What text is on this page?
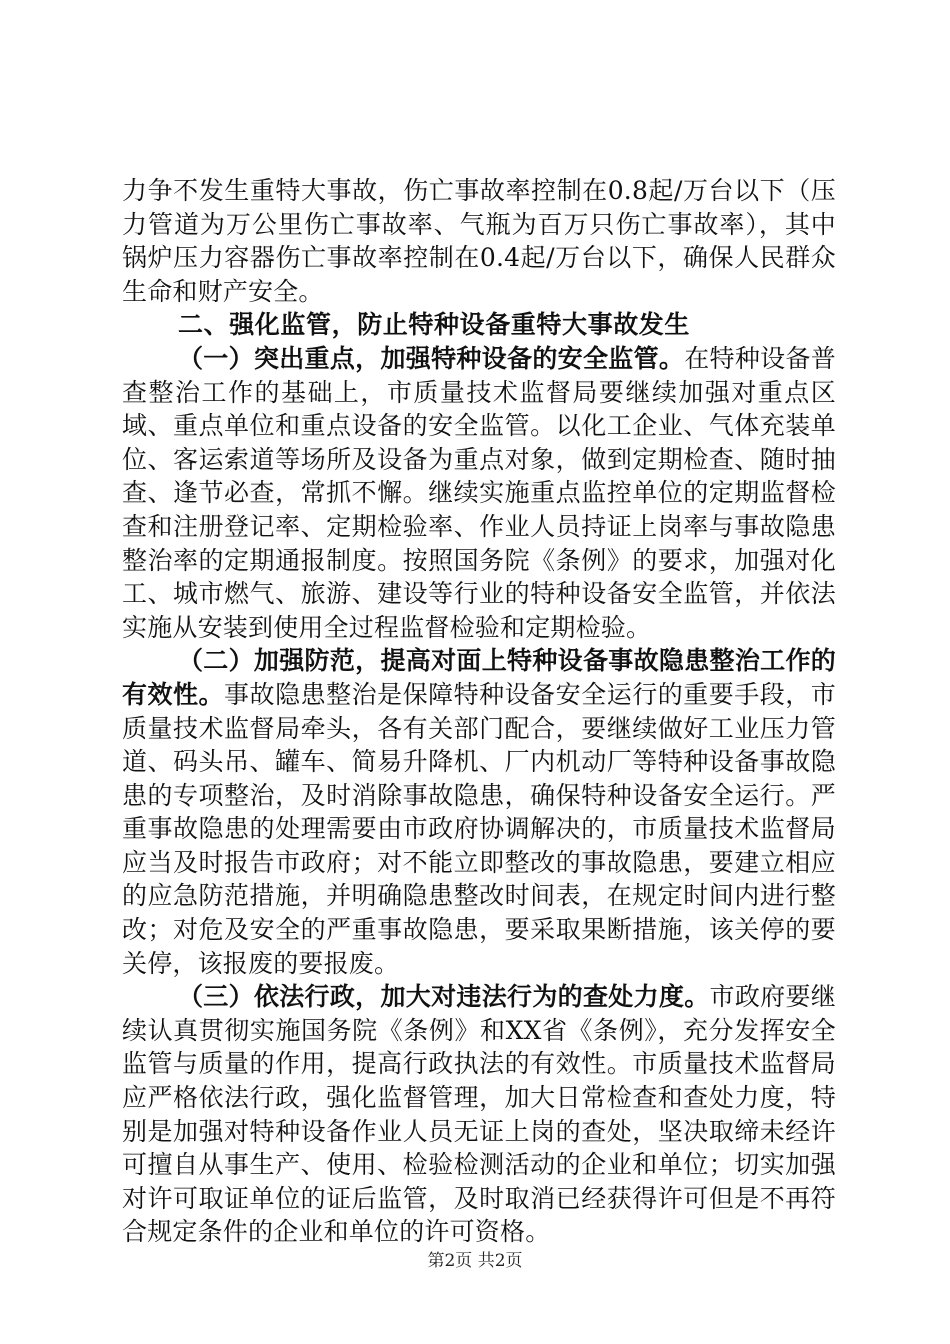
力争不发生重特大事故，伤亡事故率控制在0.8起/万台以下（压力管道为万公里伤亡事故率、气瓶为百万只伤亡事故率），其中锅炉压力容器伤亡事故率控制在0.4起/万台以下，确保人民群众生命和财产安全。

二、强化监管，防止特种设备重特大事故发生

（一）突出重点，加强特种设备的安全监管。在特种设备普查整治工作的基础上，市质量技术监督局要继续加强对重点区域、重点单位和重点设备的安全监管。以化工企业、气体充装单位、客运索道等场所及设备为重点对象，做到定期检查、随时抽查、逢节必查，常抓不懈。继续实施重点监控单位的定期监督检查和注册登记率、定期检验率、作业人员持证上岗率与事故隐患整治率的定期通报制度。按照国务院《条例》的要求，加强对化工、城市燃气、旅游、建设等行业的特种设备安全监管，并依法实施从安装到使用全过程监督检验和定期检验。

（二）加强防范，提高对面上特种设备事故隐患整治工作的有效性。事故隐患整治是保障特种设备安全运行的重要手段，市质量技术监督局牵头，各有关部门配合，要继续做好工业压力管道、码头吊、罐车、简易升降机、厂内机动厂等特种设备事故隐患的专项整治，及时消除事故隐患，确保特种设备安全运行。严重事故隐患的处理需要由市政府协调解决的，市质量技术监督局应当及时报告市政府；对不能立即整改的事故隐患，要建立相应的应急防范措施，并明确隐患整改时间表，在规定时间内进行整改；对危及安全的严重事故隐患，要采取果断措施，该关停的要关停，该报废的要报废。

（三）依法行政，加大对违法行为的查处力度。市政府要继续认真贯彻实施国务院《条例》和XX省《条例》，充分发挥安全监管与质量的作用，提高行政执法的有效性。市质量技术监督局应严格依法行政，强化监督管理，加大日常检查和查处力度，特别是加强对特种设备作业人员无证上岗的查处，坚决取缔未经许可擅自从事生产、使用、检验检测活动的企业和单位；切实加强对许可取证单位的证后监管，及时取消已经获得许可但是不再符合规定条件的企业和单位的许可资格。

第2页 共2页
